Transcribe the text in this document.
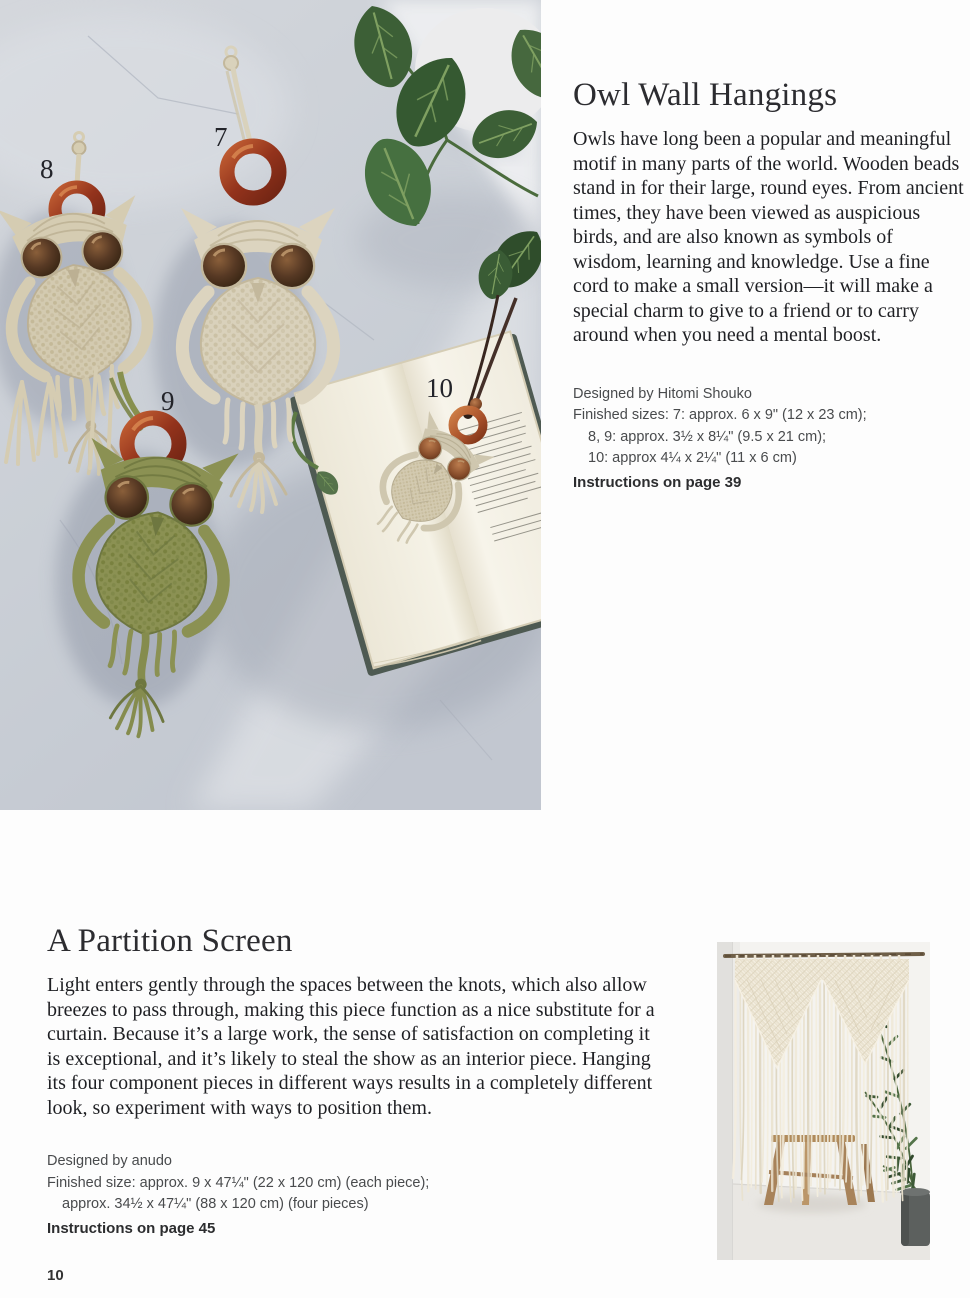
7
8
9	10
Owl Wall Hangings

Owls have long been a popular and meaningful motif in many parts of the world. Wooden beads stand in for their large, round eyes. From ancient times, they have been viewed as auspicious birds, and are also known as symbols of wisdom, learning and knowledge. Use a fine cord to make a small version—it will make a special charm to give to a friend or to carry around when you need a mental boost.

Designed by Hitomi Shouko
Finished sizes: 7: approx. 6 x 9" (12 x 23 cm);
8, 9: approx. 3½ x 8¼" (9.5 x 21 cm);
10: approx 4¼ x 2¼" (11 x 6 cm)
Instructions on page 39
A Partition Screen

Light enters gently through the spaces between the knots, which also allow breezes to pass through, making this piece function as a nice substitute for a curtain. Because it’s a large work, the sense of satisfaction on completing it is exceptional, and it’s likely to steal the show as an interior piece. Hanging its four component pieces in different ways results in a completely different look, so experiment with ways to position them.

Designed by anudo
Finished size: approx. 9 x 47¼" (22 x 120 cm) (each piece);
approx. 34½ x 47¼" (88 x 120 cm) (four pieces)
Instructions on page 45
10
